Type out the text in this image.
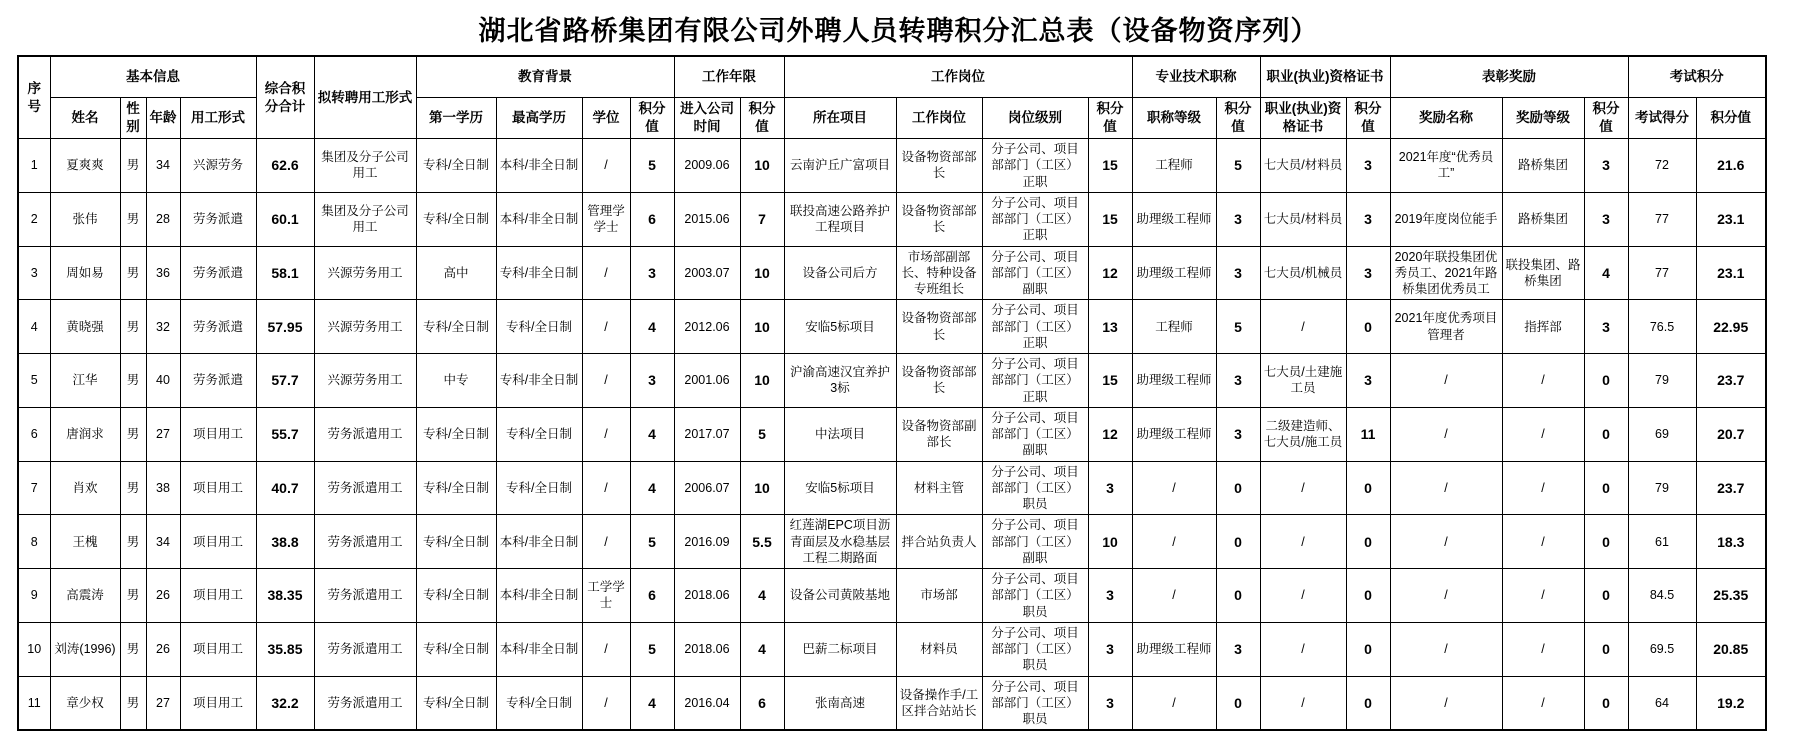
湖北省路桥集团有限公司外聘人员转聘积分汇总表（设备物资序列）
序号	基本信息				综合积分合计	拟转聘用工形式	教育背景				工作年限		工作岗位				专业技术职称		职业(执业)资格证书		表彰奖励			考试积分	
	姓名	性别	年龄	用工形式			第一学历	最高学历	学位	积分值	进入公司时间	积分值	所在项目	工作岗位	岗位级别	积分值	职称等级	积分值	职业(执业)资格证书	积分值	奖励名称	奖励等级	积分值	考试得分	积分值
1	夏爽爽	男	34	兴源劳务	62.6	集团及分子公司用工	专科/全日制	本科/非全日制	/	5	2009.06	10	云南沪丘广富项目	设备物资部部长	分子公司、项目部部门（工区）正职	15	工程师	5	七大员/材料员	3	2021年度“优秀员工”	路桥集团	3	72	21.6
2	张伟	男	28	劳务派遣	60.1	集团及分子公司用工	专科/全日制	本科/非全日制	管理学学士	6	2015.06	7	联投高速公路养护工程项目	设备物资部部长	分子公司、项目部部门（工区）正职	15	助理级工程师	3	七大员/材料员	3	2019年度岗位能手	路桥集团	3	77	23.1
3	周如易	男	36	劳务派遣	58.1	兴源劳务用工	高中	专科/非全日制	/	3	2003.07	10	设备公司后方	市场部副部长、特种设备专班组长	分子公司、项目部部门（工区）副职	12	助理级工程师	3	七大员/机械员	3	2020年联投集团优秀员工、2021年路桥集团优秀员工	联投集团、路桥集团	4	77	23.1
4	黄晓强	男	32	劳务派遣	57.95	兴源劳务用工	专科/全日制	专科/全日制	/	4	2012.06	10	安临5标项目	设备物资部部长	分子公司、项目部部门（工区）正职	13	工程师	5	/	0	2021年度优秀项目管理者	指挥部	3	76.5	22.95
5	江华	男	40	劳务派遣	57.7	兴源劳务用工	中专	专科/非全日制	/	3	2001.06	10	沪渝高速汉宜养护3标	设备物资部部长	分子公司、项目部部门（工区）正职	15	助理级工程师	3	七大员/土建施工员	3	/	/	0	79	23.7
6	唐润求	男	27	项目用工	55.7	劳务派遣用工	专科/全日制	专科/全日制	/	4	2017.07	5	中法项目	设备物资部副部长	分子公司、项目部部门（工区）副职	12	助理级工程师	3	二级建造师、七大员/施工员	11	/	/	0	69	20.7
7	肖欢	男	38	项目用工	40.7	劳务派遣用工	专科/全日制	专科/全日制	/	4	2006.07	10	安临5标项目	材料主管	分子公司、项目部部门（工区）职员	3	/	0	/	0	/	/	0	79	23.7
8	王槐	男	34	项目用工	38.8	劳务派遣用工	专科/全日制	本科/非全日制	/	5	2016.09	5.5	红莲湖EPC项目沥青面层及水稳基层工程二期路面	拌合站负责人	分子公司、项目部部门（工区）副职	10	/	0	/	0	/	/	0	61	18.3
9	高震涛	男	26	项目用工	38.35	劳务派遣用工	专科/全日制	本科/非全日制	工学学士	6	2018.06	4	设备公司黄陂基地	市场部	分子公司、项目部部门（工区）职员	3	/	0	/	0	/	/	0	84.5	25.35
10	刘涛(1996)	男	26	项目用工	35.85	劳务派遣用工	专科/全日制	本科/非全日制	/	5	2018.06	4	巴薪二标项目	材料员	分子公司、项目部部门（工区）职员	3	助理级工程师	3	/	0	/	/	0	69.5	20.85
11	章少权	男	27	项目用工	32.2	劳务派遣用工	专科/全日制	专科/全日制	/	4	2016.04	6	张南高速	设备操作手/工区拌合站站长	分子公司、项目部部门（工区）职员	3	/	0	/	0	/	/	0	64	19.2
